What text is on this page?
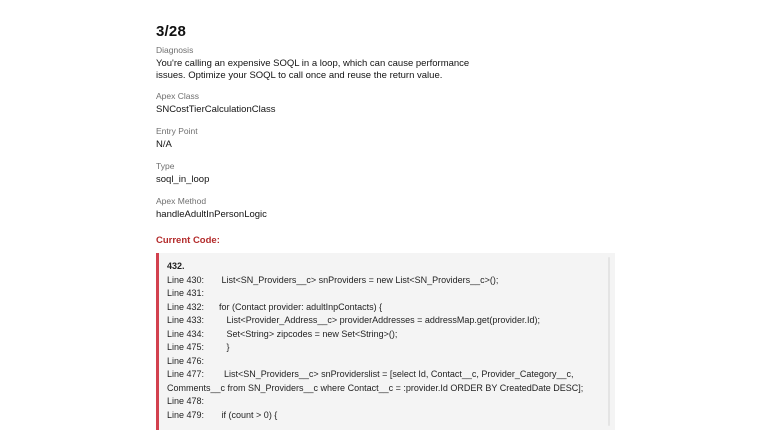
3/28
Diagnosis
You're calling an expensive SOQL in a loop, which can cause performance issues. Optimize your SOQL to call once and reuse the return value.
Apex Class
SNCostTierCalculationClass
Entry Point
N/A
Type
soql_in_loop
Apex Method
handleAdultInPersonLogic
Current Code:
432.
Line 430:       List<SN_Providers__c> snProviders = new List<SN_Providers__c>();
Line 431:
Line 432:      for (Contact provider: adultInpContacts) {
Line 433:         List<Provider_Address__c> providerAddresses = addressMap.get(provider.Id);
Line 434:         Set<String> zipcodes = new Set<String>();
Line 475:         }
Line 476:
Line 477:        List<SN_Providers__c> snProviderslist = [select Id, Contact__c, Provider_Category__c, Comments__c from SN_Providers__c where Contact__c = :provider.Id ORDER BY CreatedDate DESC];
Line 478:
Line 479:       if (count > 0) {
